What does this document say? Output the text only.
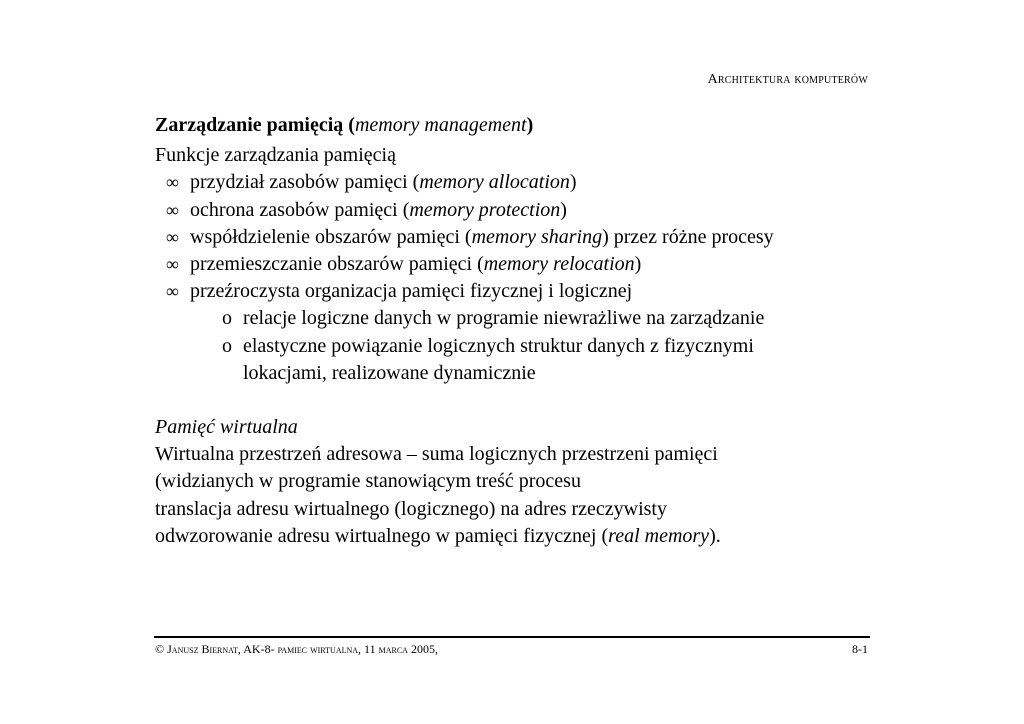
Architektura komputerów
Zarządzanie pamięcią (memory management)
Funkcje zarządzania pamięcią
∞ przydział zasobów pamięci (memory allocation)
∞ ochrona zasobów pamięci (memory protection)
∞ współdzielenie obszarów pamięci (memory sharing) przez różne procesy
∞ przemieszczanie obszarów pamięci (memory relocation)
∞ przeźroczysta organizacja pamięci fizycznej i logicznej
o relacje logiczne danych w programie niewrażliwe na zarządzanie
o elastyczne powiązanie logicznych struktur danych z fizycznymi
lokacjami, realizowane dynamicznie
Pamięć wirtualna
Wirtualna przestrzeń adresowa – suma logicznych przestrzeni pamięci
(widzianych w programie stanowiącym treść procesu
translacja adresu wirtualnego (logicznego) na adres rzeczywisty
odwzorowanie adresu wirtualnego w pamięci fizycznej (real memory).
© Janusz Biernat, AK-8- pamiec wirtualna, 11 marca 2005,	8-1
